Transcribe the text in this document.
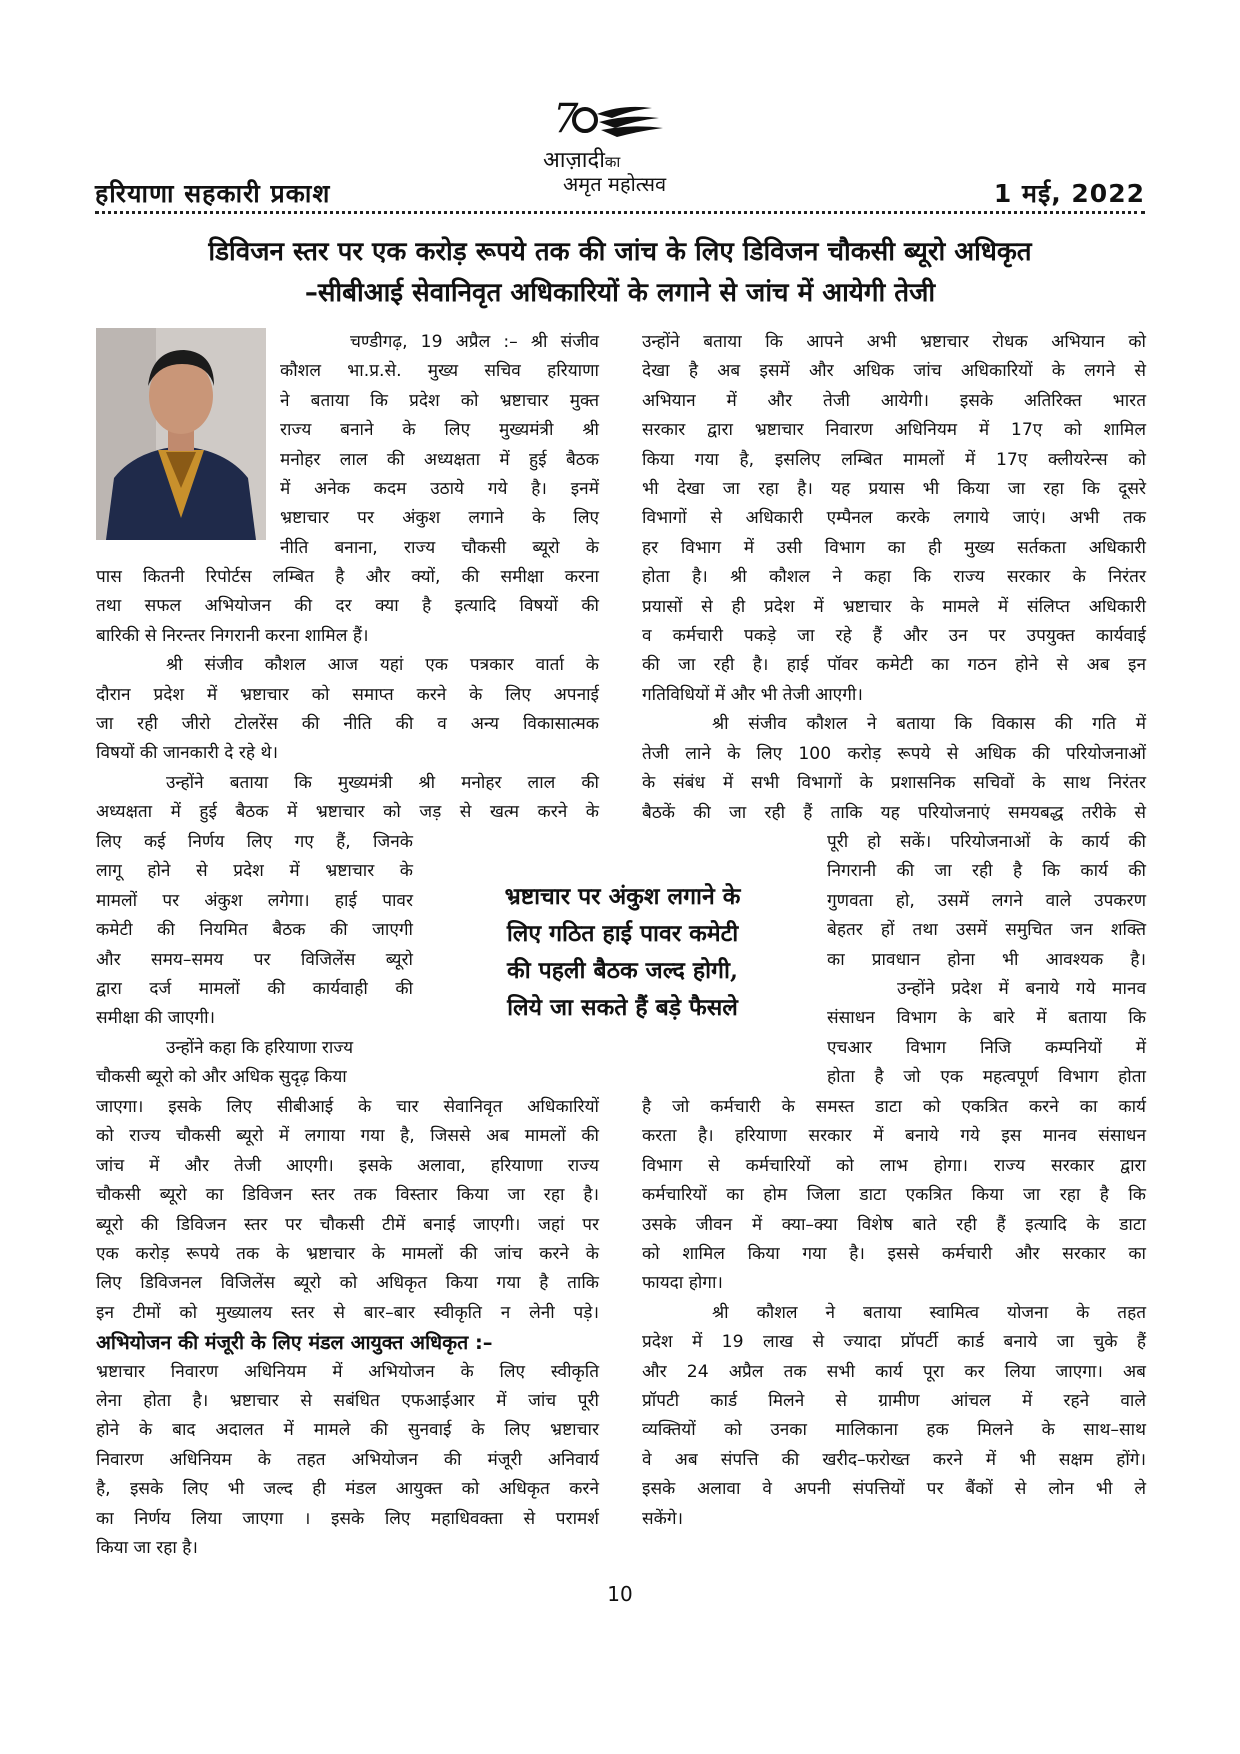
हरियाणा सहकारी प्रकाश
7
आज़ादीका
अमृत महोत्सव	1 मई, 2022
डिविजन स्तर पर एक करोड़ रूपये तक की जांच के लिए डिविजन चौकसी ब्यूरो अधिकृत
–सीबीआई सेवानिवृत अधिकारियों के लगाने से जांच में आयेगी तेजी

चण्डीगढ़, 19 अप्रैल :– श्री संजीव

कौशल भा.प्र.से. मुख्य सचिव हरियाणा

ने बताया कि प्रदेश को भ्रष्टाचार मुक्त

राज्य बनाने के लिए मुख्यमंत्री श्री

मनोहर लाल की अध्यक्षता में हुई बैठक

में अनेक कदम उठाये गये है। इनमें

भ्रष्टाचार पर अंकुश लगाने के लिए

नीति बनाना, राज्य चौकसी ब्यूरो के

पास कितनी रिपोर्टस लम्बित है और क्यों, की समीक्षा करना

तथा सफल अभियोजन की दर क्या है इत्यादि विषयों की

बारिकी से निरन्तर निगरानी करना शामिल हैं।

श्री संजीव कौशल आज यहां एक पत्रकार वार्ता के

दौरान प्रदेश में भ्रष्टाचार को समाप्त करने के लिए अपनाई

जा रही जीरो टोलरेंस की नीति की व अन्य विकासात्मक

विषयों की जानकारी दे रहे थे।

उन्होंने बताया कि मुख्यमंत्री श्री मनोहर लाल की

अध्यक्षता में हुई बैठक में भ्रष्टाचार को जड़ से खत्म करने के

लिए कई निर्णय लिए गए हैं, जिनके

लागू होने से प्रदेश में भ्रष्टाचार के

मामलों पर अंकुश लगेगा। हाई पावर

कमेटी की नियमित बैठक की जाएगी

और समय–समय पर विजिलेंस ब्यूरो

द्वारा दर्ज मामलों की कार्यवाही की

समीक्षा की जाएगी।

उन्होंने कहा कि हरियाणा राज्य

चौकसी ब्यूरो को और अधिक सुदृढ़ किया

जाएगा। इसके लिए सीबीआई के चार सेवानिवृत अधिकारियों

को राज्य चौकसी ब्यूरो में लगाया गया है, जिससे अब मामलों की

जांच में और तेजी आएगी। इसके अलावा, हरियाणा राज्य

चौकसी ब्यूरो का डिविजन स्तर तक विस्तार किया जा रहा है।

ब्यूरो की डिविजन स्तर पर चौकसी टीमें बनाई जाएगी। जहां पर

एक करोड़ रूपये तक के भ्रष्टाचार के मामलों की जांच करने के

लिए डिविजनल विजिलेंस ब्यूरो को अधिकृत किया गया है ताकि

इन टीमों को मुख्यालय स्तर से बार–बार स्वीकृति न लेनी पड़े।

अभियोजन की मंजूरी के लिए मंडल आयुक्त अधिकृत :–

भ्रष्टाचार निवारण अधिनियम में अभियोजन के लिए स्वीकृति

लेना होता है। भ्रष्टाचार से सबंधित एफआईआर में जांच पूरी

होने के बाद अदालत में मामले की सुनवाई के लिए भ्रष्टाचार

निवारण अधिनियम के तहत अभियोजन की मंजूरी अनिवार्य

है, इसके लिए भी जल्द ही मंडल आयुक्त को अधिकृत करने

का निर्णय लिया जाएगा । इसके लिए महाधिवक्ता से परामर्श

किया जा रहा है।

भ्रष्टाचार पर अंकुश लगाने के
लिए गठित हाई पावर कमेटी
की पहली बैठक जल्द होगी,
लिये जा सकते हैं बड़े फैसले

उन्होंने बताया कि आपने अभी भ्रष्टाचार रोधक अभियान को

देखा है अब इसमें और अधिक जांच अधिकारियों के लगने से

अभियान में और तेजी आयेगी। इसके अतिरिक्त भारत

सरकार द्वारा भ्रष्टाचार निवारण अधिनियम में 17ए को शामिल

किया गया है, इसलिए लम्बित मामलों में 17ए क्लीयरेन्स को

भी देखा जा रहा है। यह प्रयास भी किया जा रहा कि दूसरे

विभागों से अधिकारी एम्पैनल करके लगाये जाएं। अभी तक

हर विभाग में उसी विभाग का ही मुख्य सर्तकता अधिकारी

होता है। श्री कौशल ने कहा कि राज्य सरकार के निरंतर

प्रयासों से ही प्रदेश में भ्रष्टाचार के मामले में संलिप्त अधिकारी

व कर्मचारी पकड़े जा रहे हैं और उन पर उपयुक्त कार्यवाई

की जा रही है। हाई पॉवर कमेटी का गठन होने से अब इन

गतिविधियों में और भी तेजी आएगी।

श्री संजीव कौशल ने बताया कि विकास की गति में

तेजी लाने के लिए 100 करोड़ रूपये से अधिक की परियोजनाओं

के संबंध में सभी विभागों के प्रशासनिक सचिवों के साथ निरंतर

बैठकें की जा रही हैं ताकि यह परियोजनाएं समयबद्ध तरीके से

पूरी हो सकें। परियोजनाओं के कार्य की

निगरानी की जा रही है कि कार्य की

गुणवता हो, उसमें लगने वाले उपकरण

बेहतर हों तथा उसमें समुचित जन शक्ति

का प्रावधान होना भी आवश्यक है।

उन्होंने प्रदेश में बनाये गये मानव

संसाधन विभाग के बारे में बताया कि

एचआर विभाग निजि कम्पनियों में

होता है जो एक महत्वपूर्ण विभाग होता

है जो कर्मचारी के समस्त डाटा को एकत्रित करने का कार्य

करता है। हरियाणा सरकार में बनाये गये इस मानव संसाधन

विभाग से कर्मचारियों को लाभ होगा। राज्य सरकार द्वारा

कर्मचारियों का होम जिला डाटा एकत्रित किया जा रहा है कि

उसके जीवन में क्या–क्या विशेष बाते रही हैं इत्यादि के डाटा

को शामिल किया गया है। इससे कर्मचारी और सरकार का

फायदा होगा।

श्री कौशल ने बताया स्वामित्व योजना के तहत

प्रदेश में 19 लाख से ज्यादा प्रॉपर्टी कार्ड बनाये जा चुके हैं

और 24 अप्रैल तक सभी कार्य पूरा कर लिया जाएगा। अब

प्रॉपटी कार्ड मिलने से ग्रामीण आंचल में रहने वाले

व्यक्तियों को उनका मालिकाना हक मिलने के साथ–साथ

वे अब संपत्ति की खरीद–फरोख्त करने में भी सक्षम होंगे।

इसके अलावा वे अपनी संपत्तियों पर बैंकों से लोन भी ले

सकेंगे।

10
